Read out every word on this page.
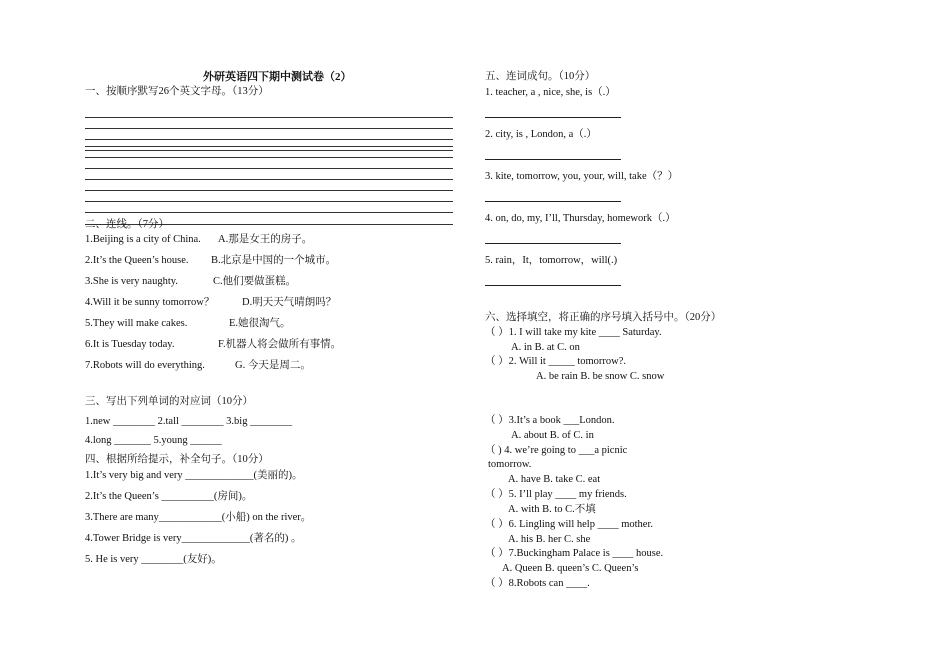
外研英语四下期中测试卷（2）
一、按顺序默写26个英文字母。（13分）
二、连线。（7分）
1.Beijing is a city of China. A.那是女王的房子。
2.It’s the Queen’s house. B.北京是中国的一个城市。
3.She is very naughty.	C.他们要做蛋糕。
4.Will it be sunny tomorrow？	D.明天天气晴朗吗？
5.They will make cakes.	E.她很淘气。
6.It is Tuesday today.	F.机器人将会做所有事情。
7.Robots will do everything.	G. 今天是周二。
三、写出下列单词的对应词（10分）
1.new ________ 2.tall ________ 3.big ________
4.long _______ 5.young ______
四、根据所给提示，补全句子。（10分）
1.It’s very big and very _____________(美丽的)。
2.It’s the Queen’s __________(房间)。
3.There are many____________(小船) on the river。
4.Tower Bridge is very_____________(著名的) 。
5. He is very ________(友好)。
五、连词成句。（10分）
1. teacher, a , nice, she, is（.）
2. city, is , London, a（.）
3. kite, tomorrow, you, your, will, take（？）
4. on, do, my, I’ll, Thursday, homework（.）
5. rain，It，tomorrow，will(.)
六、选择填空，将正确的序号填入括号中。（20分）
（ ）1. I will take my kite ____ Saturday.
A. in B. at C. on
（ ）2. Will it _____ tomorrow?.
A. be rain B. be snow C. snow
（ ）3.It’s a book ___London.
A. about B. of C. in
（ ) 4. we’re going to ___a picnic
tomorrow.
A. have B. take C. eat
（ ）5. I’ll play ____ my friends.
A. with B. to C.不填
（ ）6. Lingling will help ____ mother.
A. his B. her C. she
（ ）7.Buckingham Palace is ____ house.
A. Queen B. queen’s C. Queen’s
（ ）8.Robots can ____.
